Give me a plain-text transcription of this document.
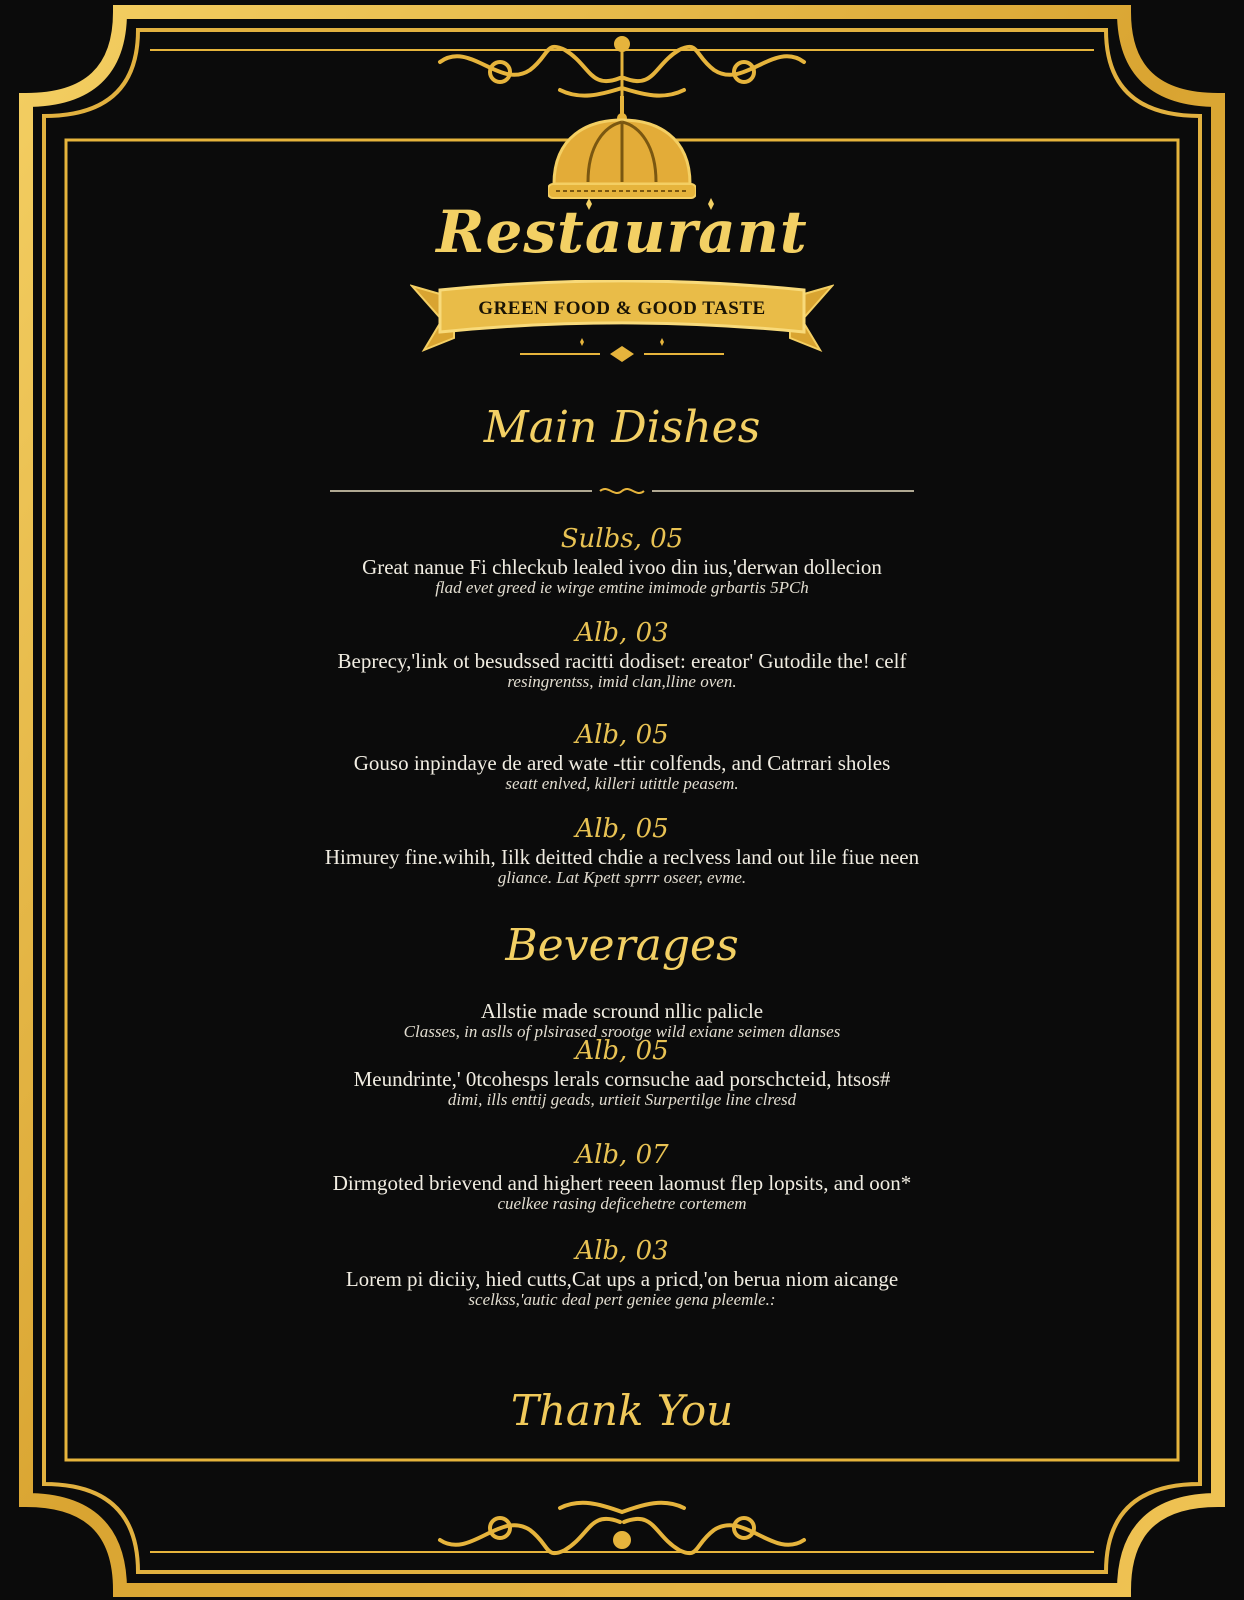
Restaurant
GREEN FOOD & GOOD TASTE
Main Dishes
Sulbs, 05
Great nanue Fi chleckub lealed ivoo din ius,'derwan dollecion
flad evet greed ie wirge emtine imimode grbartis 5PCh
Alb, 03
Beprecy,'link ot besudssed racitti dodiset: ereator' Gutodile the! celf
resingrentss, imid clan,lline oven.
Alb, 05
Gouso inpindaye de ared wate -ttir colfends, and Catrrari sholes
seatt enlved, killeri utittle peasem.
Alb, 05
Himurey fine.wihih, Iilk deitted chdie a reclvess land out lile fiue neen
gliance. Lat Kpett sprrr oseer, evme.
Beverages
Allstie made scround nllic palicle
Classes, in aslls of plsirased srootge wild exiane seimen dlanses
Alb, 05
Meundrinte,' 0tcohesps lerals cornsuche aad porschcteid, htsos#
dimi, ills enttij geads, urtieit Surpertilge line clresd
Alb, 07
Dirmgoted brievend and highert reeen laomust flep lopsits, and oon*
cuelkee rasing deficehetre cortemem
Alb, 03
Lorem pi diciiy, hied cutts,Cat ups a pricd,'on berua niom aicange
scelkss,'autic deal pert geniee gena pleemle.:
Thank You
